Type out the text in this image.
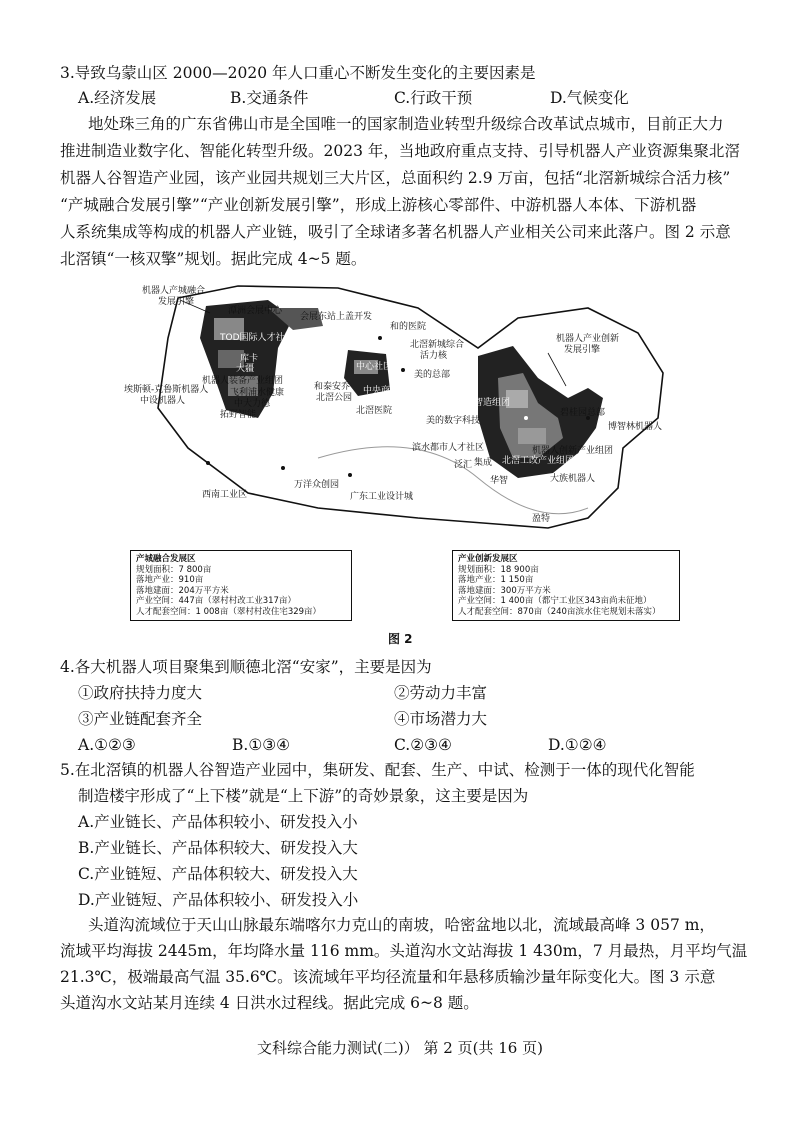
3.导致乌蒙山区 2000—2020 年人口重心不断发生变化的主要因素是
A.经济发展	B.交通条件	C.行政干预	D.气候变化
地处珠三角的广东省佛山市是全国唯一的国家制造业转型升级综合改革试点城市，目前正大力
推进制造业数字化、智能化转型升级。2023 年，当地政府重点支持、引导机器人产业资源集聚北滘
机器人谷智造产业园，该产业园共规划三大片区，总面积约 2.9 万亩，包括“北滘新城综合活力核”
“产城融合发展引擎”“产业创新发展引擎”，形成上游核心零部件、中游机器人本体、下游机器
人系统集成等构成的机器人产业链，吸引了全球诸多著名机器人产业相关公司来此落户。图 2 示意
北滘镇“一核双擎”规划。据此完成 4~5 题。
机器人产城融合
发展引擎
潭洲会展中心
会展东站上盖开发
TOD国际人才社区组团
库卡
大疆
机器人装备产业组团
埃斯顿-克鲁斯机器人
中设机器人
飞利浦水健康
中大力德
拓野智能
和的医院
北滘新城综合
活力核
美的总部
中心社区
和泰安乔
北滘公园
中央商务区
北滘医院
机器人产业创新
发展引擎
数字智造组团
美的数字科技
碧桂园总部
博智林机器人
滨水都市人才社区	机器人创新产业组团
北滘工改产业组团
泛汇 集成
大族机器人
华智
盈特
西南工业区
万洋众创园
广东工业设计城
产城融合发展区
规划面积：7 800亩
落地产业：910亩
落地建面：204万平方米
产业空间：447亩（翠村村改工业317亩）
人才配套空间：1 008亩（翠村村改住宅329亩）
产业创新发展区
规划面积：18 900亩
落地产业：1 150亩
落地建面：300万平方米
产业空间：1 400亩（都宁工业区343亩尚未征地）
人才配套空间：870亩（240亩滨水住宅规划未落实）
图 2
4.各大机器人项目聚集到顺德北滘“安家”，主要是因为
①政府扶持力度大	②劳动力丰富
③产业链配套齐全	④市场潜力大
A.①②③	B.①③④	C.②③④	D.①②④
5.在北滘镇的机器人谷智造产业园中，集研发、配套、生产、中试、检测于一体的现代化智能
制造楼宇形成了“上下楼”就是“上下游”的奇妙景象，这主要是因为
A.产业链长、产品体积较小、研发投入小
B.产业链长、产品体积较大、研发投入大
C.产业链短、产品体积较大、研发投入大
D.产业链短、产品体积较小、研发投入小
头道沟流域位于天山山脉最东端喀尔力克山的南坡，哈密盆地以北，流域最高峰 3 057 m，
流域平均海拔 2445m，年均降水量 116 mm。头道沟水文站海拔 1 430m，7 月最热，月平均气温
21.3℃，极端最高气温 35.6℃。该流域年平均径流量和年悬移质输沙量年际变化大。图 3 示意
头道沟水文站某月连续 4 日洪水过程线。据此完成 6~8 题。
文科综合能力测试(二)） 第 2 页(共 16 页)
